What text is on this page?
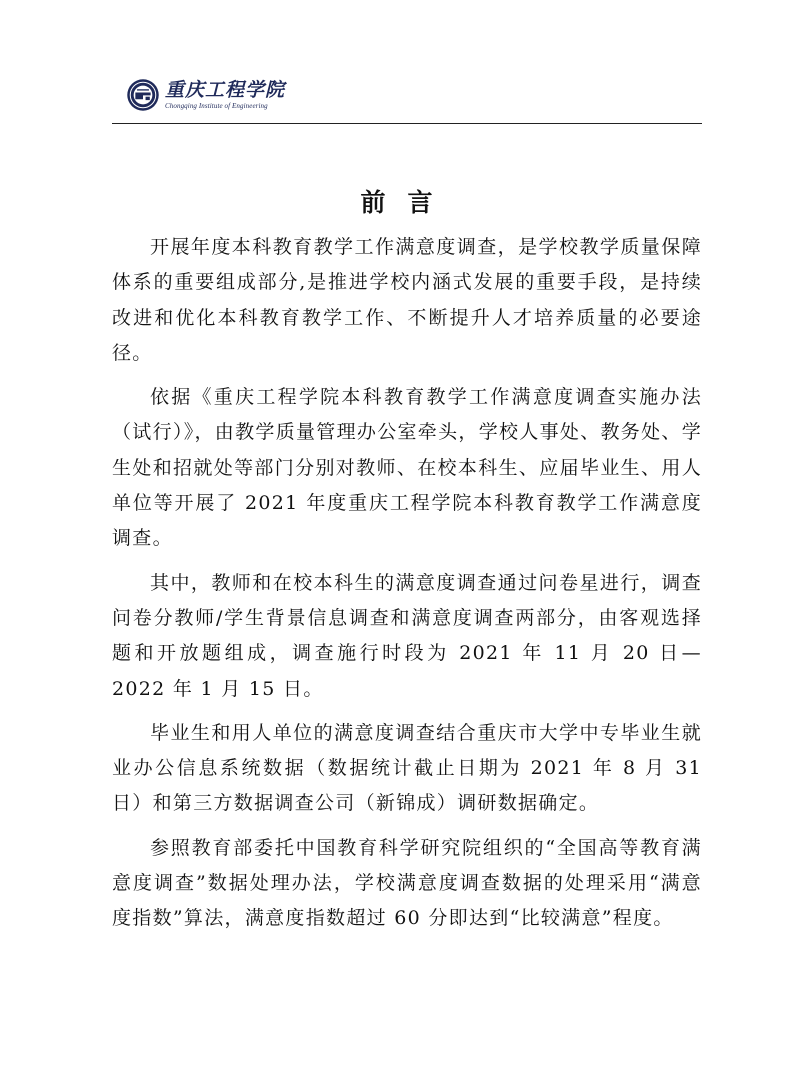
重庆工程学院
Chongqing Institute of Engineering
前言

开展年度本科教育教学工作满意度调查，是学校教学质量保障体系的重要组成部分,是推进学校内涵式发展的重要手段，是持续改进和优化本科教育教学工作、不断提升人才培养质量的必要途径。

依据《重庆工程学院本科教育教学工作满意度调查实施办法（试行）》，由教学质量管理办公室牵头，学校人事处、教务处、学生处和招就处等部门分别对教师、在校本科生、应届毕业生、用人单位等开展了 2021 年度重庆工程学院本科教育教学工作满意度调查。

其中，教师和在校本科生的满意度调查通过问卷星进行，调查问卷分教师/学生背景信息调查和满意度调查两部分，由客观选择题和开放题组成，调查施行时段为 2021 年 11 月 20 日—2022 年 1 月 15 日。

毕业生和用人单位的满意度调查结合重庆市大学中专毕业生就业办公信息系统数据（数据统计截止日期为 2021 年 8 月 31 日）和第三方数据调查公司（新锦成）调研数据确定。

参照教育部委托中国教育科学研究院组织的“全国高等教育满意度调查”数据处理办法，学校满意度调查数据的处理采用“满意度指数”算法，满意度指数超过 60 分即达到“比较满意”程度。
